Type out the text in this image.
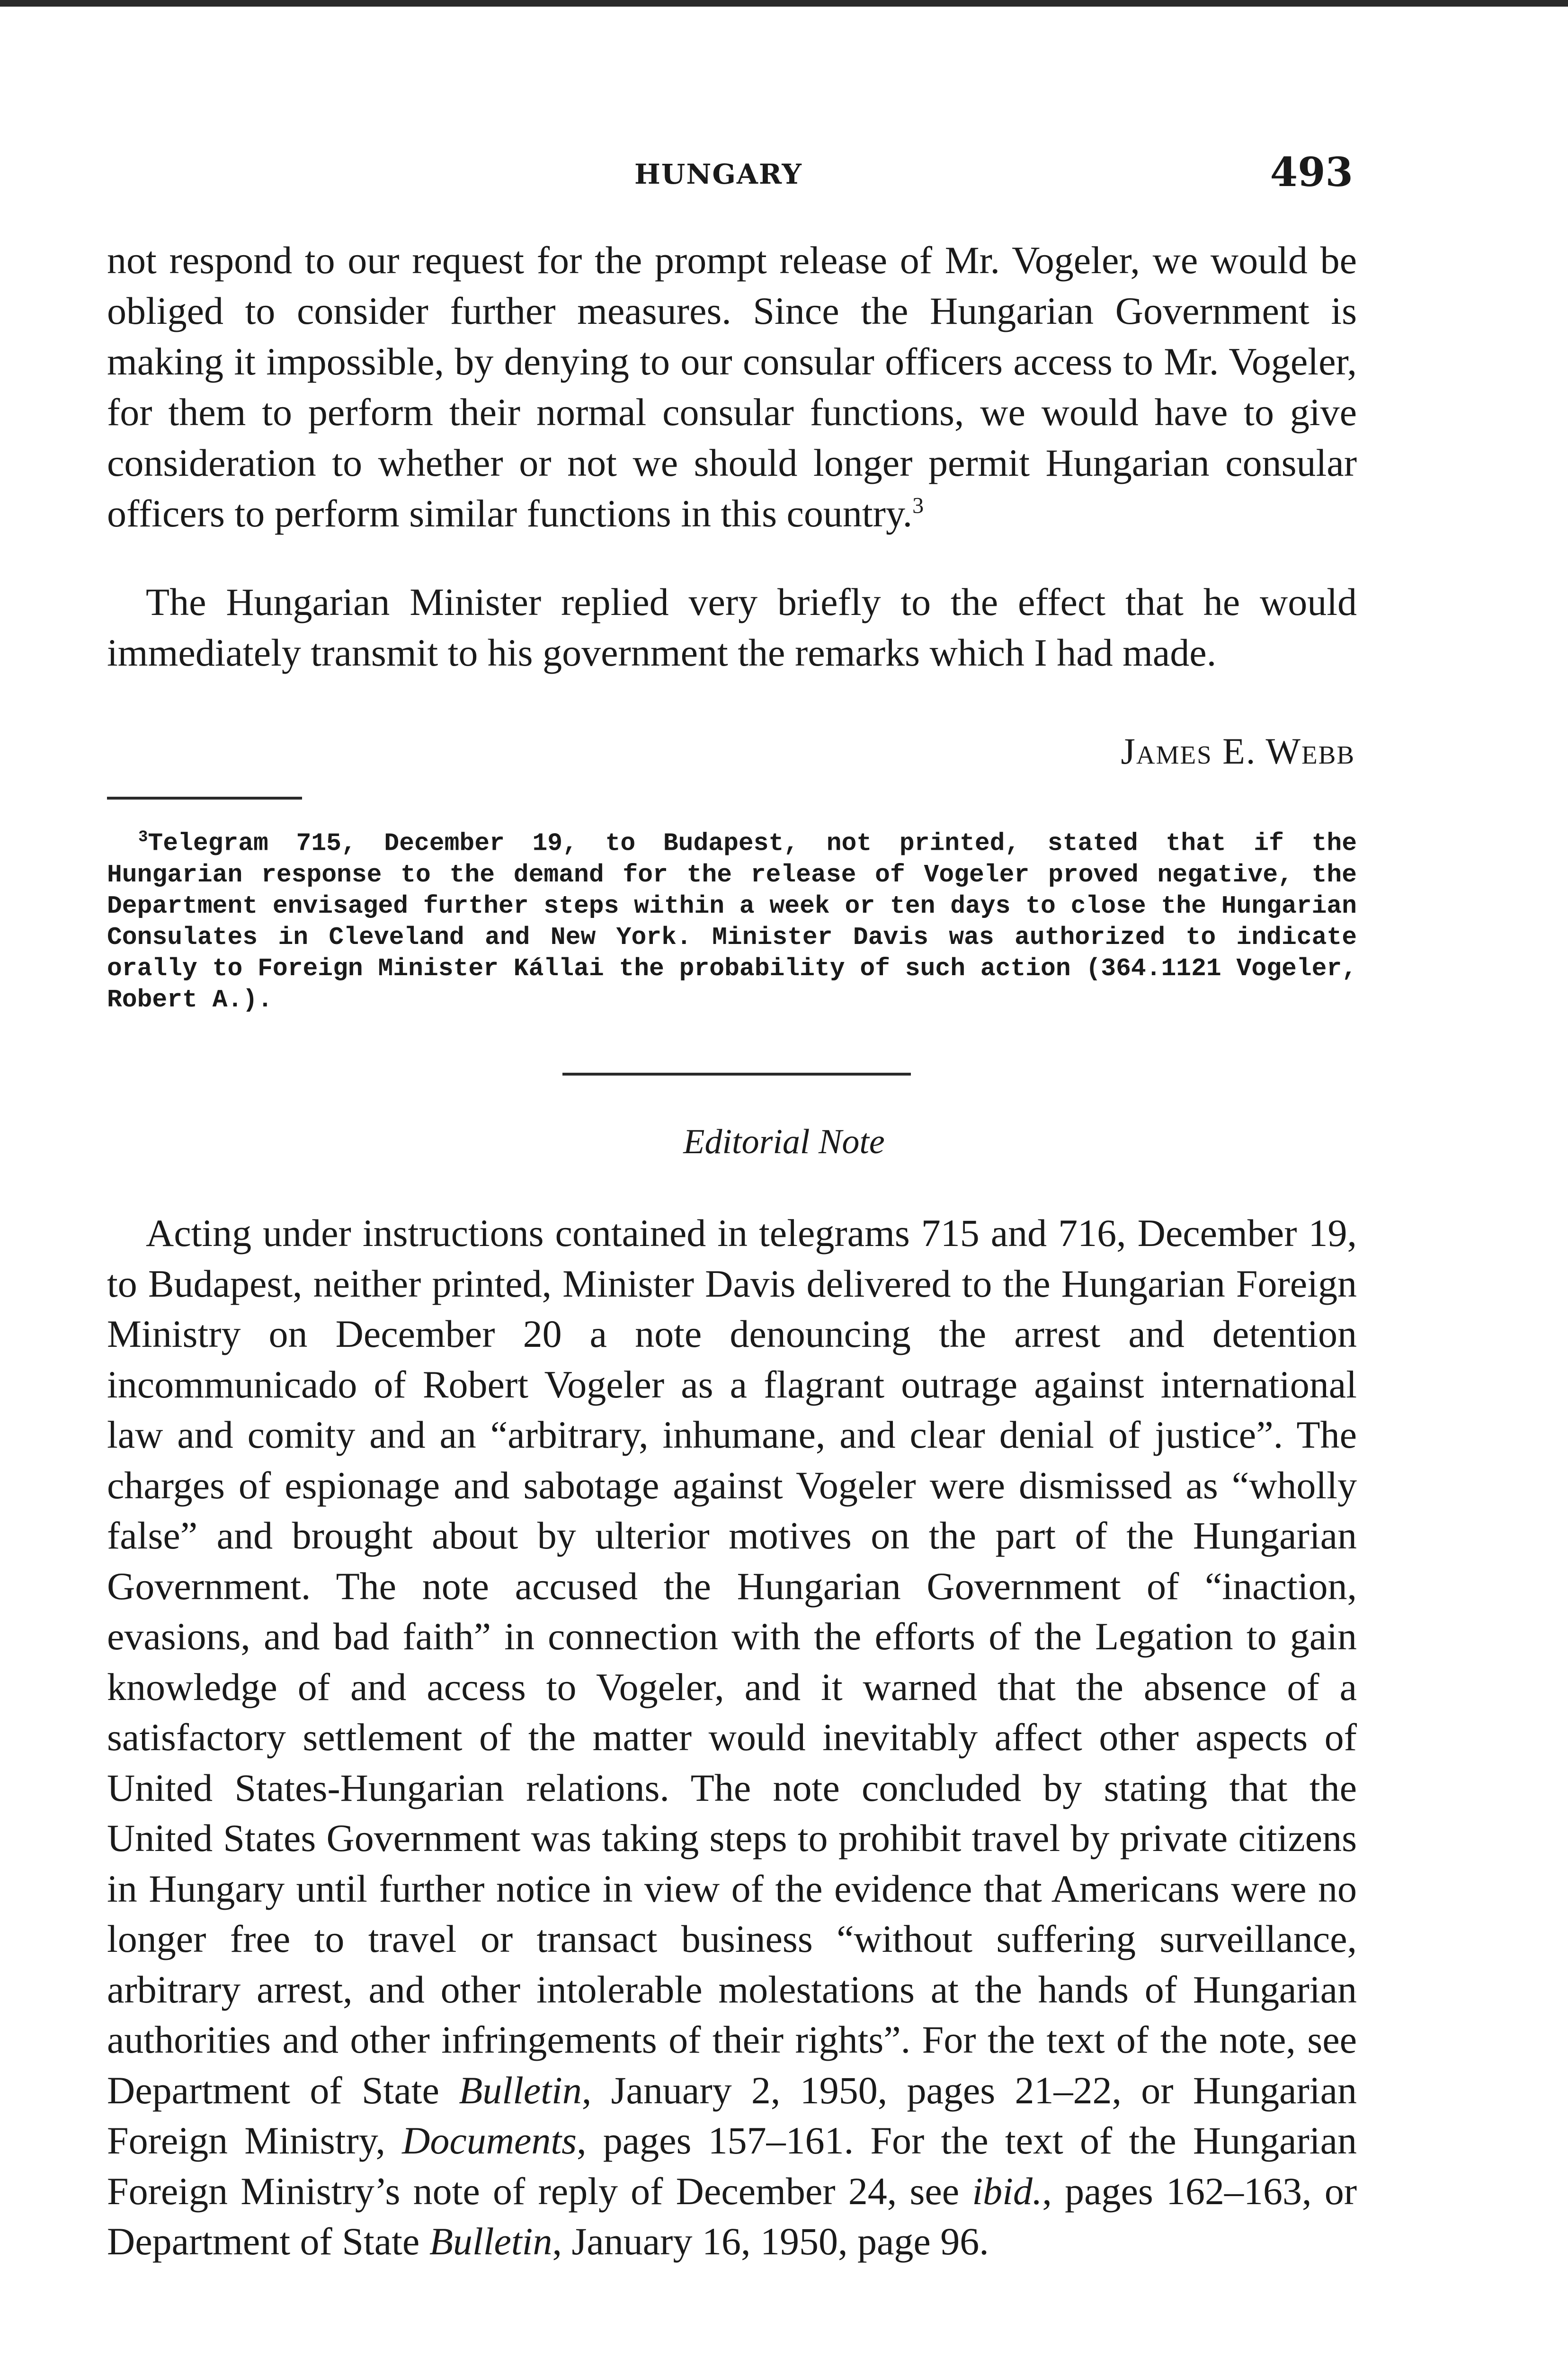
HUNGARY	493
not respond to our request for the prompt release of Mr. Vogeler, we would be obliged to consider further measures. Since the Hungarian Government is making it impossible, by denying to our consular officers access to Mr. Vogeler, for them to perform their normal consular functions, we would have to give consideration to whether or not we should longer permit Hungarian consular officers to perform similar functions in this country.$^3$
The Hungarian Minister replied very briefly to the effect that he would immediately transmit to his government the remarks which I had made.
James E. Webb
$^3$Telegram 715, December 19, to Budapest, not printed, stated that if the Hungarian response to the demand for the release of Vogeler proved negative, the Department envisaged further steps within a week or ten days to close the Hungarian Consulates in Cleveland and New York. Minister Davis was authorized to indicate orally to Foreign Minister Kállai the probability of such action (364.1121 Vogeler, Robert A.).
Editorial Note
Acting under instructions contained in telegrams 715 and 716, December 19, to Budapest, neither printed, Minister Davis delivered to the Hungarian Foreign Ministry on December 20 a note denouncing the arrest and detention incommunicado of Robert Vogeler as a flagrant outrage against international law and comity and an “arbitrary, inhumane, and clear denial of justice”. The charges of espionage and sabotage against Vogeler were dismissed as “wholly false” and brought about by ulterior motives on the part of the Hungarian Government. The note accused the Hungarian Government of “inaction, evasions, and bad faith” in connection with the efforts of the Legation to gain knowledge of and access to Vogeler, and it warned that the absence of a satisfactory settlement of the matter would inevitably affect other aspects of United States-Hungarian relations. The note concluded by stating that the United States Government was taking steps to prohibit travel by private citizens in Hungary until further notice in view of the evidence that Americans were no longer free to travel or transact business “without suffering surveillance, arbitrary arrest, and other intolerable molestations at the hands of Hungarian authorities and other infringements of their rights”. For the text of the note, see Department of State Bulletin, January 2, 1950, pages 21–22, or Hungarian Foreign Ministry, Documents, pages 157–161. For the text of the Hungarian Foreign Ministry’s note of reply of December 24, see ibid., pages 162–163, or Department of State Bulletin, January 16, 1950, page 96.
